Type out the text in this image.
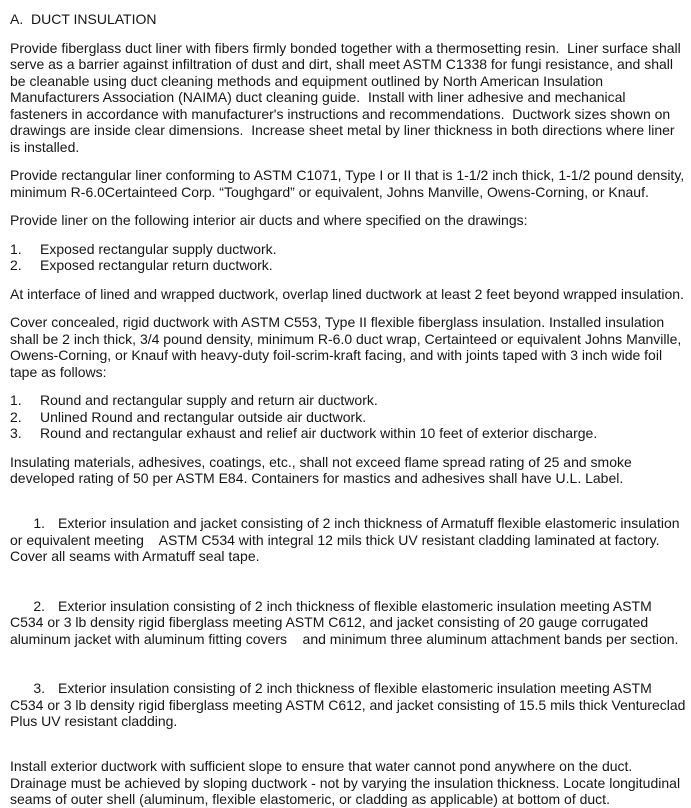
A. DUCT INSULATION

Provide fiberglass duct liner with fibers firmly bonded together with a thermosetting resin.  Liner surface shall serve as a barrier against infiltration of dust and dirt, shall meet ASTM C1338 for fungi resistance, and shall be cleanable using duct cleaning methods and equipment outlined by North American Insulation Manufacturers Association (NAIMA) duct cleaning guide.  Install with liner adhesive and mechanical fasteners in accordance with manufacturer's instructions and recommendations.  Ductwork sizes shown on drawings are inside clear dimensions.  Increase sheet metal by liner thickness in both directions where liner is installed.

Provide rectangular liner conforming to ASTM C1071, Type I or II that is 1-1/2 inch thick, 1-1/2 pound density, minimum R-6.0Certainteed Corp. “Toughgard” or equivalent, Johns Manville, Owens-Corning, or Knauf.

Provide liner on the following interior air ducts and where specified on the drawings:

1.	Exposed rectangular supply ductwork.
2.	Exposed rectangular return ductwork.

At interface of lined and wrapped ductwork, overlap lined ductwork at least 2 feet beyond wrapped insulation.

Cover concealed, rigid ductwork with ASTM C553, Type II flexible fiberglass insulation. Installed insulation shall be 2 inch thick, 3/4 pound density, minimum R-6.0 duct wrap, Certainteed or equivalent Johns Manville, Owens-Corning, or Knauf with heavy-duty foil-scrim-kraft facing, and with joints taped with 3 inch wide foil tape as follows:

1.	Round and rectangular supply and return air ductwork.
2.	Unlined Round and rectangular outside air ductwork.
3.	Round and rectangular exhaust and relief air ductwork within 10 feet of exterior discharge.

Insulating materials, adhesives, coatings, etc., shall not exceed flame spread rating of 25 and smoke developed rating of 50 per ASTM E84. Containers for mastics and adhesives shall have U.L. Label.

1. Exterior insulation and jacket consisting of 2 inch thickness of Armatuff flexible elastomeric insulation or equivalent meeting    ASTM C534 with integral 12 mils thick UV resistant cladding laminated at factory. Cover all seams with Armatuff seal tape.

2. Exterior insulation consisting of 2 inch thickness of flexible elastomeric insulation meeting ASTM C534 or 3 lb density rigid fiberglass meeting ASTM C612, and jacket consisting of 20 gauge corrugated aluminum jacket with aluminum fitting covers    and minimum three aluminum attachment bands per section.

3. Exterior insulation consisting of 2 inch thickness of flexible elastomeric insulation meeting ASTM C534 or 3 lb density rigid fiberglass meeting ASTM C612, and jacket consisting of 15.5 mils thick Ventureclad Plus UV resistant cladding.

Install exterior ductwork with sufficient slope to ensure that water cannot pond anywhere on the duct. Drainage must be achieved by sloping ductwork - not by varying the insulation thickness. Locate longitudinal seams of outer shell (aluminum, flexible elastomeric, or cladding as applicable) at bottom of duct.
